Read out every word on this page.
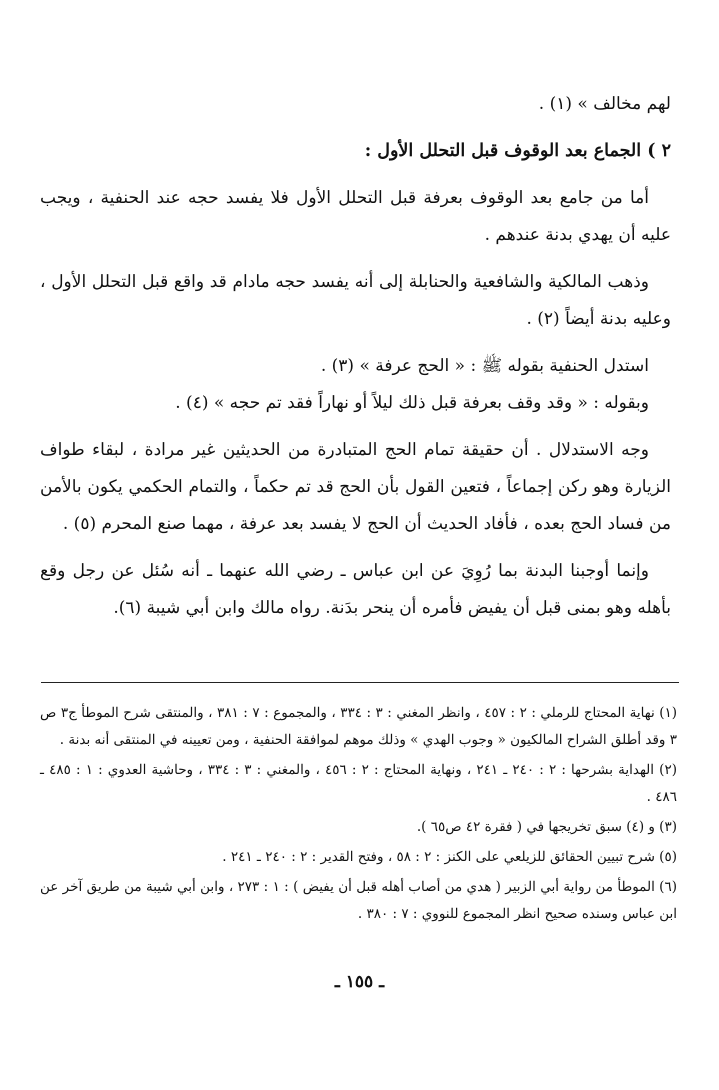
لهم مخالف » (١) .

٢ ) الجماع بعد الوقوف قبل التحلل الأول :

أما من جامع بعد الوقوف بعرفة قبل التحلل الأول فلا يفسد حجه عند الحنفية ، ويجب عليه أن يهدي بدنة عندهم .

وذهب المالكية والشافعية والحنابلة إلى أنه يفسد حجه مادام قد واقع قبل التحلل الأول ، وعليه بدنة أيضاً (٢) .

استدل الحنفية بقوله ﷺ : « الحج عرفة » (٣) .

وبقوله : « وقد وقف بعرفة قبل ذلك ليلاً أو نهاراً فقد تم حجه » (٤) .

وجه الاستدلال . أن حقيقة تمام الحج المتبادرة من الحديثين غير مرادة ، لبقاء طواف الزيارة وهو ركن إجماعاً ، فتعين القول بأن الحج قد تم حكماً ، والتمام الحكمي يكون بالأمن من فساد الحج بعده ، فأفاد الحديث أن الحج لا يفسد بعد عرفة ، مهما صنع المحرم (٥) .

وإنما أوجبنا البدنة بما رُوِيَ عن ابن عباس ـ رضي الله عنهما ـ أنه سُئل عن رجل وقع بأهله وهو بمنى قبل أن يفيض فأمره أن ينحر بدَنة. رواه مالك وابن أبي شيبة (٦).

(١) نهاية المحتاج للرملي : ٢ : ٤٥٧ ، وانظر المغني : ٣ : ٣٣٤ ، والمجموع : ٧ : ٣٨١ ، والمنتقى شرح الموطأ ج٣ ص ٣ وقد أطلق الشراح المالكيون « وجوب الهدي » وذلك موهم لموافقة الحنفية ، ومن تعيينه في المنتقى أنه بدنة .

(٢) الهداية بشرحها : ٢ : ٢٤٠ ـ ٢٤١ ، ونهاية المحتاج : ٢ : ٤٥٦ ، والمغني : ٣ : ٣٣٤ ، وحاشية العدوي : ١ : ٤٨٥ ـ ٤٨٦ .

(٣) و (٤) سبق تخريجها في ( فقرة ٤٢ ص٦٥ ).

(٥) شرح تبيين الحقائق للزيلعي على الكنز : ٢ : ٥٨ ، وفتح القدير : ٢ : ٢٤٠ ـ ٢٤١ .

(٦) الموطأ من رواية أبي الزبير ( هدي من أصاب أهله قبل أن يفيض ) : ١ : ٢٧٣ ، وابن أبي شيبة من طريق آخر عن ابن عباس وسنده صحيح انظر المجموع للنووي : ٧ : ٣٨٠ .

ـ ١٥٥ ـ
